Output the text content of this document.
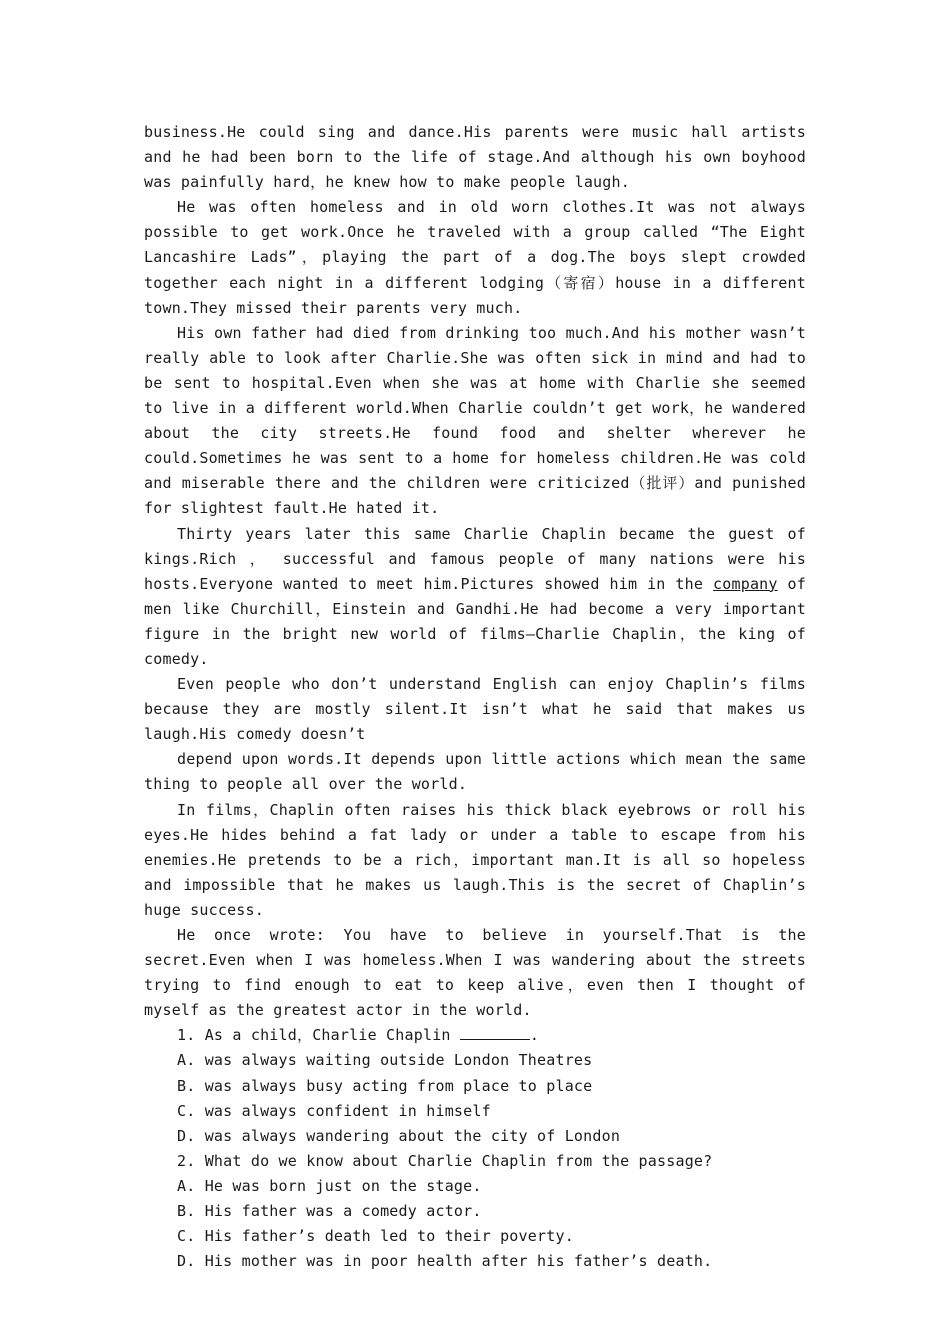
business.He could sing and dance.His parents were music hall artists and he had been born to the life of stage.And although his own boyhood was painfully hard，he knew how to make people laugh.

He was often homeless and in old worn clothes.It was not always possible to get work.Once he traveled with a group called “The Eight Lancashire Lads”，playing the part of a dog.The boys slept crowded together each night in a different lodging（寄宿）house in a different town.They missed their parents very much.

His own father had died from drinking too much.And his mother wasn’t really able to look after Charlie.She was often sick in mind and had to be sent to hospital.Even when she was at home with Charlie she seemed to live in a different world.When Charlie couldn’t get work，he wandered about the city streets.He found food and shelter wherever he could.Sometimes he was sent to a home for homeless children.He was cold and miserable there and the children were criticized（批评）and punished for slightest fault.He hated it.

Thirty years later this same Charlie Chaplin became the guest of kings.Rich ， successful and famous people of many nations were his hosts.Everyone wanted to meet him.Pictures showed him in the company of men like Churchill，Einstein and Gandhi.He had become a very important figure in the bright new world of films—Charlie Chaplin，the king of comedy.

Even people who don’t understand English can enjoy Chaplin’s films because they are mostly silent.It isn’t what he said that makes us laugh.His comedy doesn’t

depend upon words.It depends upon little actions which mean the same thing to people all over the world.

In films，Chaplin often raises his thick black eyebrows or roll his eyes.He hides behind a fat lady or under a table to escape from his enemies.He pretends to be a rich，important man.It is all so hopeless and impossible that he makes us laugh.This is the secret of Chaplin’s huge success.

He once wrote: You have to believe in yourself.That is the secret.Even when I was homeless.When I was wandering about the streets trying to find enough to eat to keep alive，even then I thought of myself as the greatest actor in the world.

1. As a child，Charlie Chaplin	.

A. was always waiting outside London Theatres

B. was always busy acting from place to place

C. was always confident in himself

D. was always wandering about the city of London

2. What do we know about Charlie Chaplin from the passage?

A. He was born just on the stage.

B. His father was a comedy actor.

C. His father’s death led to their poverty.

D. His mother was in poor health after his father’s death.
